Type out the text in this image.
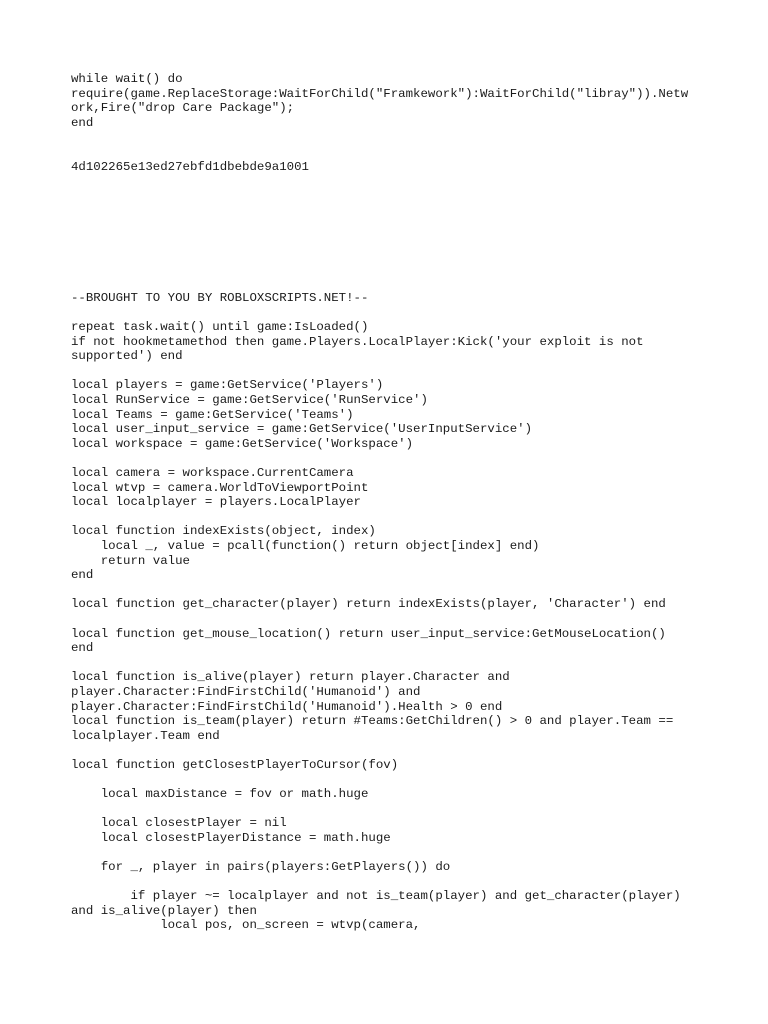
while wait() do
require(game.ReplaceStorage:WaitForChild("Framkework"):WaitForChild("libray")).Netw
ork,Fire("drop Care Package");
end
4d102265e13ed27ebfd1dbebde9a1001
--BROUGHT TO YOU BY ROBLOXSCRIPTS.NET!--
repeat task.wait() until game:IsLoaded()
if not hookmetamethod then game.Players.LocalPlayer:Kick('your exploit is not
supported') end
local players = game:GetService('Players')
local RunService = game:GetService('RunService')
local Teams = game:GetService('Teams')
local user_input_service = game:GetService('UserInputService')
local workspace = game:GetService('Workspace')
local camera = workspace.CurrentCamera
local wtvp = camera.WorldToViewportPoint
local localplayer = players.LocalPlayer
local function indexExists(object, index)
local _, value = pcall(function() return object[index] end)
return value
end
local function get_character(player) return indexExists(player, 'Character') end
local function get_mouse_location() return user_input_service:GetMouseLocation()
end
local function is_alive(player) return player.Character and
player.Character:FindFirstChild('Humanoid') and
player.Character:FindFirstChild('Humanoid').Health > 0 end
local function is_team(player) return #Teams:GetChildren() > 0 and player.Team ==
localplayer.Team end
local function getClosestPlayerToCursor(fov)
local maxDistance = fov or math.huge
local closestPlayer = nil
local closestPlayerDistance = math.huge
for _, player in pairs(players:GetPlayers()) do
if player ~= localplayer and not is_team(player) and get_character(player)
and is_alive(player) then
local pos, on_screen = wtvp(camera,
